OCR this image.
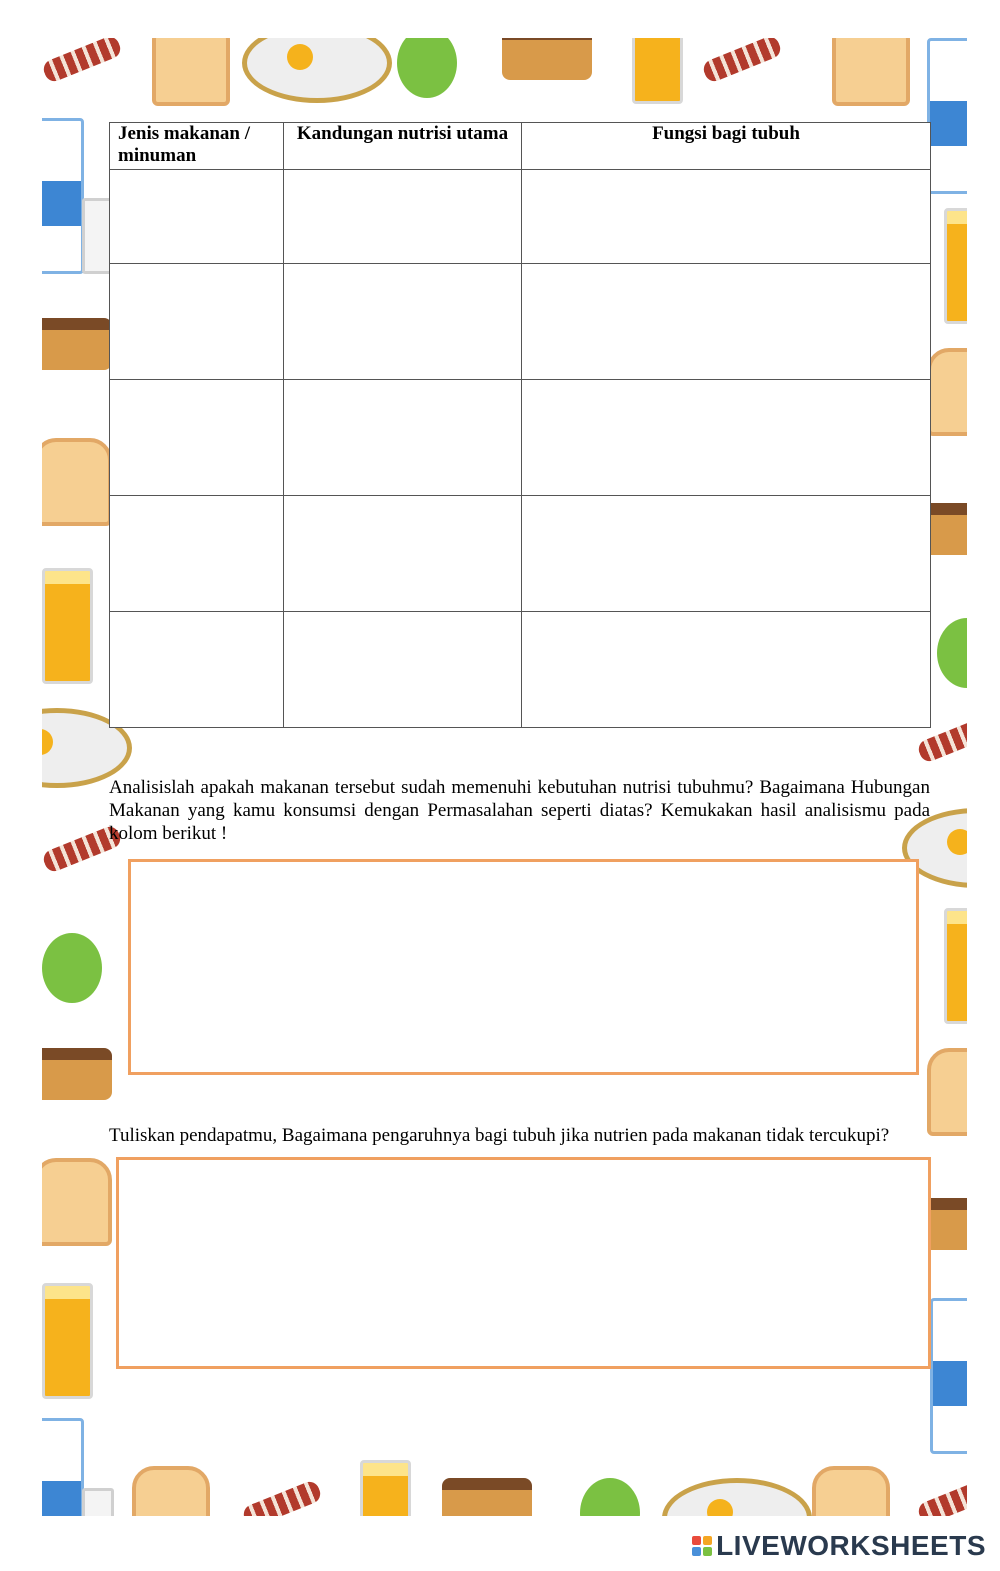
Jenis makanan / minuman	Kandungan nutrisi utama	Fungsi bagi tubuh

Analisislah apakah makanan tersebut sudah memenuhi kebutuhan nutrisi tubuhmu? Bagaimana Hubungan Makanan yang kamu konsumsi dengan Permasalahan seperti diatas? Kemukakan hasil analisismu pada kolom berikut !
Tuliskan pendapatmu, Bagaimana pengaruhnya bagi tubuh jika nutrien pada makanan tidak tercukupi?
LIVEWORKSHEETS
